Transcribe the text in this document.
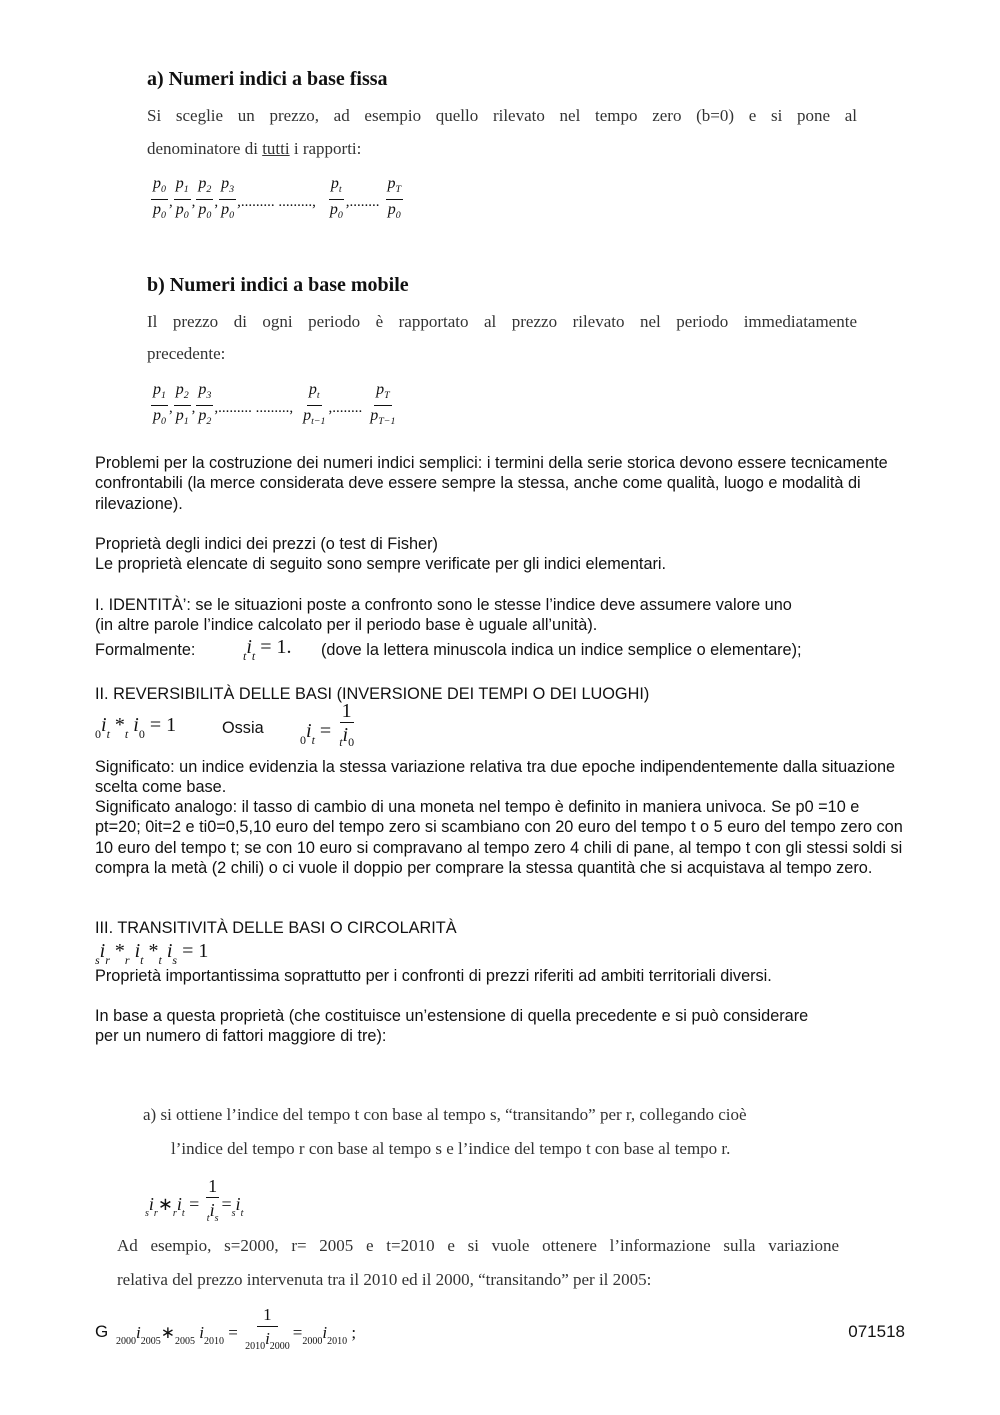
a) Numeri indici a base fissa
Si sceglie un prezzo, ad esempio quello rilevato nel tempo zero (b=0) e si pone al
denominatore di tutti i rapporti:
$p_0$
$p_0$
,
$p_1$
$p_0$
,
$p_2$
$p_0$
,
$p_3$
$p_0$
,......... .........,
$p_t$
$p_0$
,........
$p_T$
$p_0$
b) Numeri indici a base mobile
Il prezzo di ogni periodo è rapportato al prezzo rilevato nel periodo immediatamente
precedente:
$p_1$
$p_0$
,
$p_2$
$p_1$
,
$p_3$
$p_2$
,......... .........,
$p_t$
$p_{t-1}$
,........
$p_T$
$p_{T-1}$
Problemi per la costruzione dei numeri indici semplici: i termini della serie storica devono essere tecnicamente confrontabili (la merce considerata deve essere sempre la stessa, anche come qualità, luogo e modalità di rilevazione).
Proprietà degli indici dei prezzi (o test di Fisher)
Le proprietà elencate di seguito sono sempre verificate per gli indici elementari.
I. IDENTITÀ’: se le situazioni poste a confronto sono le stesse l’indice deve assumere valore uno
(in altre parole l’indice calcolato per il periodo base è uguale all’unità).
Formalmente:	$_ti_t = 1$. (dove la lettera minuscola indica un indice semplice o elementare);
II. REVERSIBILITÀ DELLE BASI (INVERSIONE DEI TEMPI O DEI LUOGHI)
$_0i_t$ $*_t$ $i_0 = 1$	Ossia
$_0i_t = \frac{1}{_ti_0}$
Significato: un indice evidenzia la stessa variazione relativa tra due epoche indipendentemente dalla situazione scelta come base.
Significato analogo: il tasso di cambio di una moneta nel tempo è definito in maniera univoca. Se p0 =10 e pt=20; 0it=2 e ti0=0,5,10 euro del tempo zero si scambiano con 20 euro del tempo t o 5 euro del tempo zero con 10 euro del tempo t; se con 10 euro si compravano al tempo zero 4 chili di pane, al tempo t con gli stessi soldi si compra la metà (2 chili) o ci vuole il doppio per comprare la stessa quantità che si acquistava al tempo zero.
III. TRANSITIVITÀ DELLE BASI O CIRCOLARITÀ
$_si_r$ $*_r$ $i_t$ $*_t$ $i_s = 1$
Proprietà importantissima soprattutto per i confronti di prezzi riferiti ad ambiti territoriali diversi.
In base a questa proprietà (che costituisce un’estensione di quella precedente e si può considerare per un numero di fattori maggiore di tre):
a) si ottiene l’indice del tempo t con base al tempo s, “transitando” per r, collegando cioè
l’indice del tempo r con base al tempo s e l’indice del tempo t con base al tempo r.
$_si_r∗_ri_t$ =
1
$_ti_s$
$=_si_t$
Ad esempio, s=2000, r= 2005 e t=2010 e si vuole ottenere l’informazione sulla variazione
relativa del prezzo intervenuta tra il 2010 ed il 2000, “transitando” per il 2005:
G
$_{2000}i_{2005}∗_{2005}$ $i_{2010} = \frac{1}{_{2010}i_{2000}} =_{2000}i_{2010}$ ;	071518
